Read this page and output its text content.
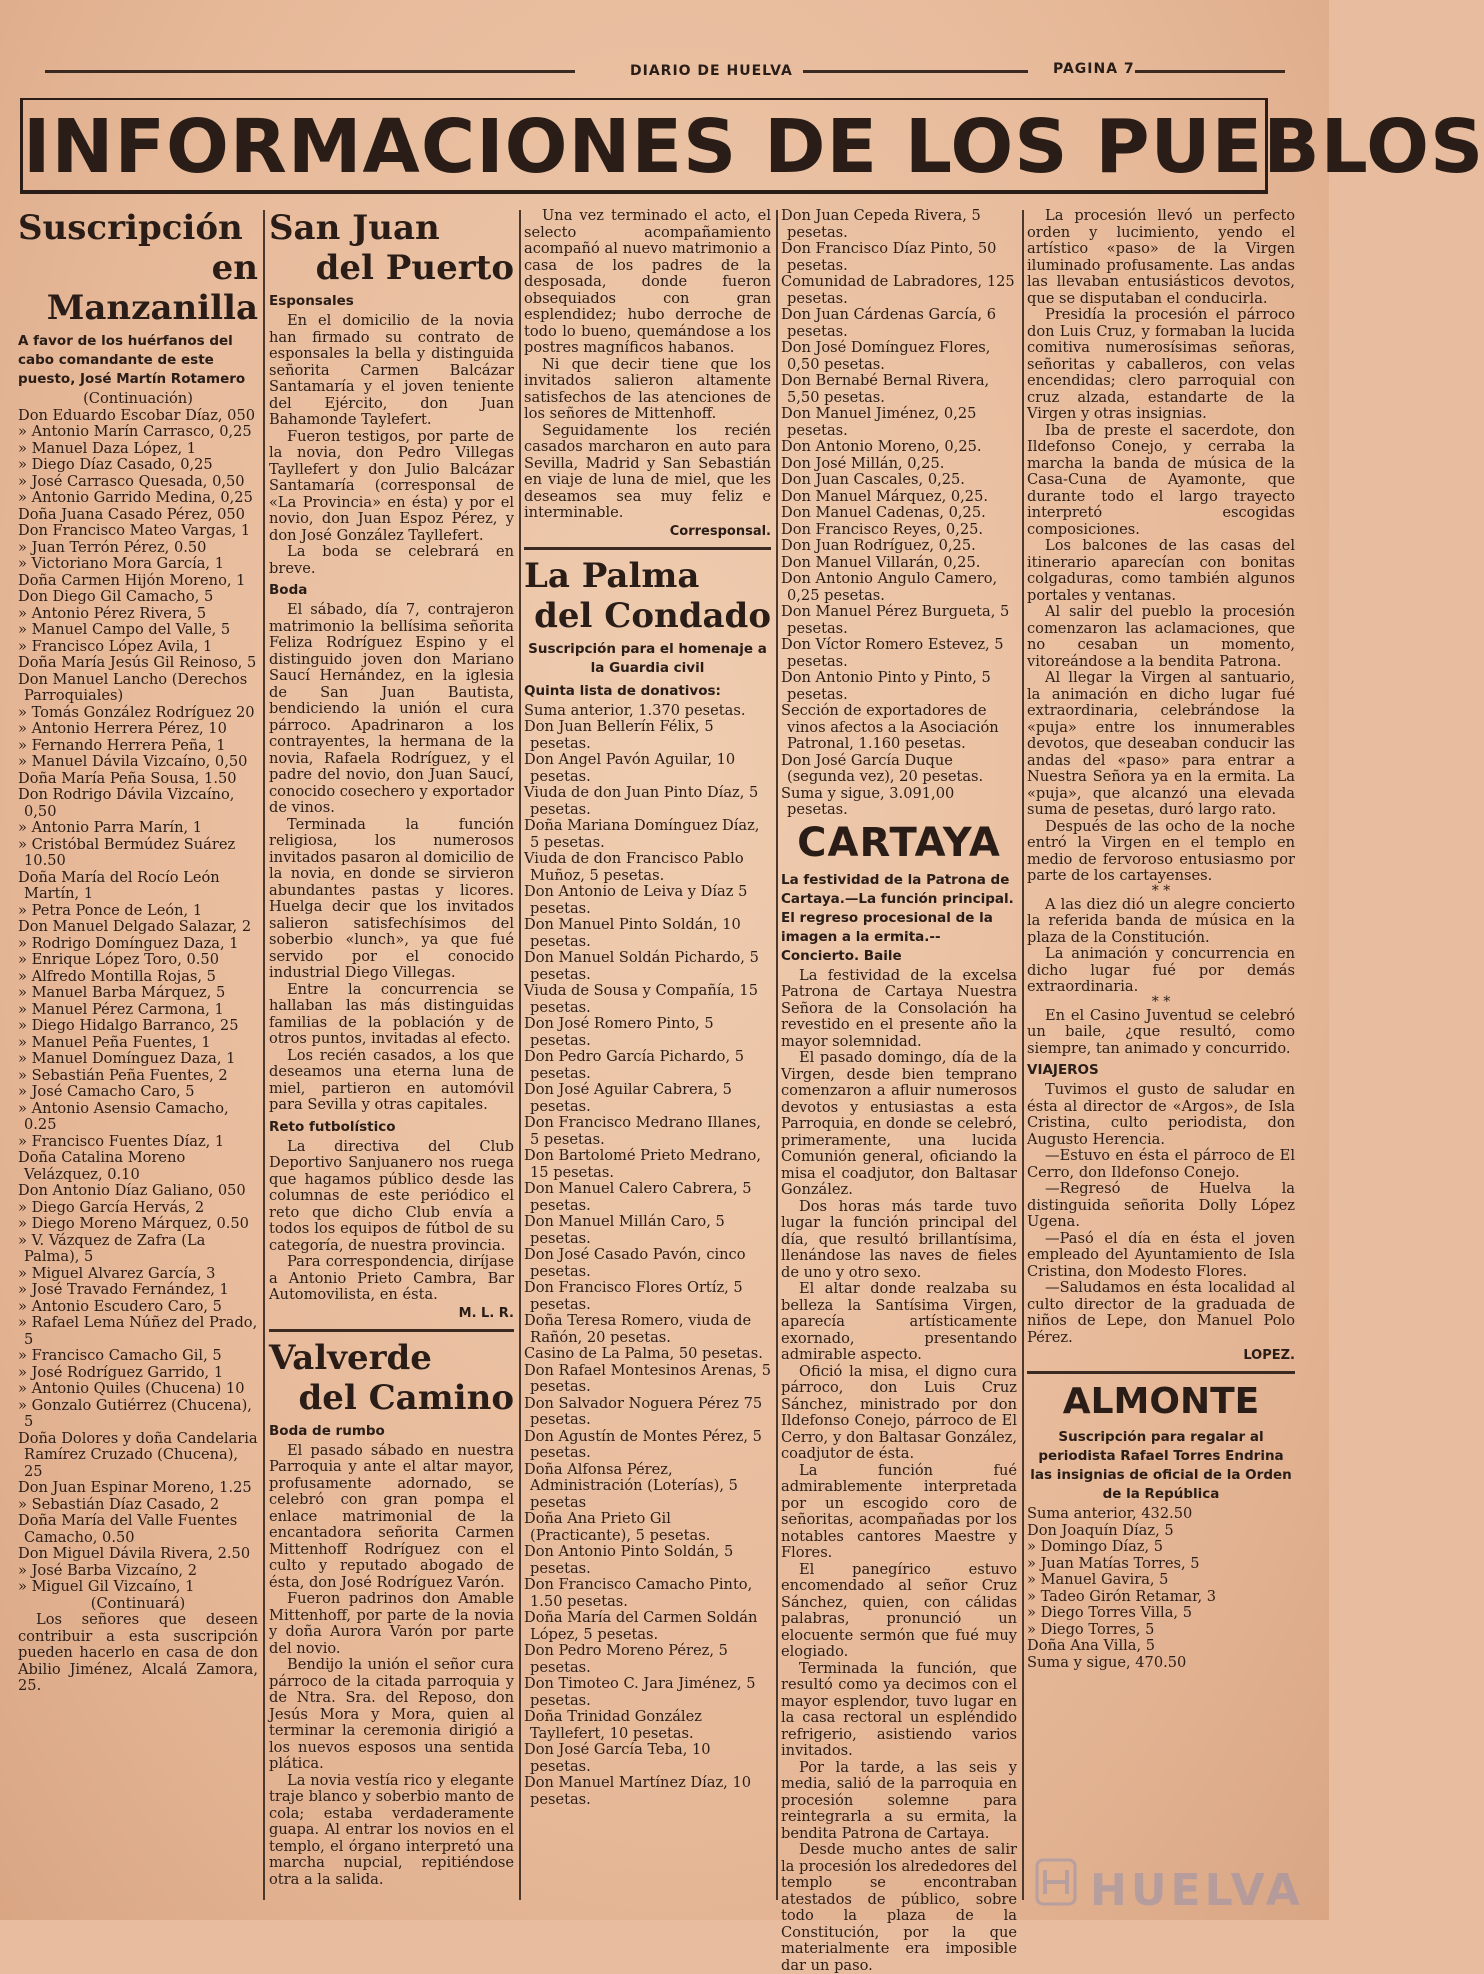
DIARIO DE HUELVA	PAGINA 7
INFORMACIONES DE LOS PUEBLOS
Suscripción
en Manzanilla
A favor de los huérfanos del cabo comandante de este puesto, José Martín Rotamero

(Continuación)

Don Eduardo Escobar Díaz, 050
» Antonio Marín Carrasco, 0,25
» Manuel Daza López, 1
» Diego Díaz Casado, 0,25
» José Carrasco Quesada, 0,50
» Antonio Garrido Medina, 0,25
Doña Juana Casado Pérez, 050
Don Francisco Mateo Vargas, 1
» Juan Terrón Pérez, 0.50
» Victoriano Mora García, 1
Doña Carmen Hijón Moreno, 1
Don Diego Gil Camacho, 5
» Antonio Pérez Rivera, 5
» Manuel Campo del Valle, 5
» Francisco López Avila, 1
Doña María Jesús Gil Reinoso, 5
Don Manuel Lancho (Derechos Parroquiales)
» Tomás González Rodríguez 20
» Antonio Herrera Pérez, 10
» Fernando Herrera Peña, 1
» Manuel Dávila Vizcaíno, 0,50
Doña María Peña Sousa, 1.50
Don Rodrigo Dávila Vizcaíno, 0,50
» Antonio Parra Marín, 1
» Cristóbal Bermúdez Suárez 10.50
Doña María del Rocío León Martín, 1
» Petra Ponce de León, 1
Don Manuel Delgado Salazar, 2
» Rodrigo Domínguez Daza, 1
» Enrique López Toro, 0.50
» Alfredo Montilla Rojas, 5
» Manuel Barba Márquez, 5
» Manuel Pérez Carmona, 1
» Diego Hidalgo Barranco, 25
» Manuel Peña Fuentes, 1
» Manuel Domínguez Daza, 1
» Sebastián Peña Fuentes, 2
» José Camacho Caro, 5
» Antonio Asensio Camacho, 0.25
» Francisco Fuentes Díaz, 1
Doña Catalina Moreno Velázquez, 0.10
Don Antonio Díaz Galiano, 050
» Diego García Hervás, 2
» Diego Moreno Márquez, 0.50
» V. Vázquez de Zafra (La Palma), 5
» Miguel Alvarez García, 3
» José Travado Fernández, 1
» Antonio Escudero Caro, 5
» Rafael Lema Núñez del Prado, 5
» Francisco Camacho Gil, 5
» José Rodríguez Garrido, 1
» Antonio Quiles (Chucena) 10
» Gonzalo Gutiérrez (Chucena), 5
Doña Dolores y doña Candelaria Ramírez Cruzado (Chucena), 25
Don Juan Espinar Moreno, 1.25
» Sebastián Díaz Casado, 2
Doña María del Valle Fuentes Camacho, 0.50
Don Miguel Dávila Rivera, 2.50
» José Barba Vizcaíno, 2
» Miguel Gil Vizcaíno, 1

(Continuará)

Los señores que deseen contribuir a esta suscripción pueden hacerlo en casa de don Abilio Jiménez, Alcalá Zamora, 25.

San Juan
del Puerto
Esponsales

En el domicilio de la novia han firmado su contrato de esponsales la bella y distinguida señorita Carmen Balcázar Santamaría y el joven teniente del Ejército, don Juan Bahamonde Taylefert.

Fueron testigos, por parte de la novia, don Pedro Villegas Tayllefert y don Julio Balcázar Santamaría (corresponsal de «La Provincia» en ésta) y por el novio, don Juan Espoz Pérez, y don José González Tayllefert.

La boda se celebrará en breve.

Boda

El sábado, día 7, contrajeron matrimonio la bellísima señorita Feliza Rodríguez Espino y el distinguido joven don Mariano Saucí Hernández, en la iglesia de San Juan Bautista, bendiciendo la unión el cura párroco. Apadrinaron a los contrayentes, la hermana de la novia, Rafaela Rodríguez, y el padre del novio, don Juan Saucí, conocido cosechero y exportador de vinos.

Terminada la función religiosa, los numerosos invitados pasaron al domicilio de la novia, en donde se sirvieron abundantes pastas y licores. Huelga decir que los invitados salieron satisfechísimos del soberbio «lunch», ya que fué servido por el conocido industrial Diego Villegas.

Entre la concurrencia se hallaban las más distinguidas familias de la población y de otros puntos, invitadas al efecto.

Los recién casados, a los que deseamos una eterna luna de miel, partieron en automóvil para Sevilla y otras capitales.

Reto futbolístico

La directiva del Club Deportivo Sanjuanero nos ruega que hagamos público desde las columnas de este periódico el reto que dicho Club envía a todos los equipos de fútbol de su categoría, de nuestra provincia.

Para correspondencia, diríjase a Antonio Prieto Cambra, Bar Automovilista, en ésta.

M. L. R.
Valverde
del Camino
Boda de rumbo

El pasado sábado en nuestra Parroquia y ante el altar mayor, profusamente adornado, se celebró con gran pompa el enlace matrimonial de la encantadora señorita Carmen Mittenhoff Rodríguez con el culto y reputado abogado de ésta, don José Rodríguez Varón.

Fueron padrinos don Amable Mittenhoff, por parte de la novia y doña Aurora Varón por parte del novio.

Bendijo la unión el señor cura párroco de la citada parroquia y de Ntra. Sra. del Reposo, don Jesús Mora y Mora, quien al terminar la ceremonia dirigió a los nuevos esposos una sentida plática.

La novia vestía rico y elegante traje blanco y soberbio manto de cola; estaba verdaderamente guapa. Al entrar los novios en el templo, el órgano interpretó una marcha nupcial, repitiéndose otra a la salida.

Una vez terminado el acto, el selecto acompañamiento acompañó al nuevo matrimonio a casa de los padres de la desposada, donde fueron obsequiados con gran esplendidez; hubo derroche de todo lo bueno, quemándose a los postres magníficos habanos.

Ni que decir tiene que los invitados salieron altamente satisfechos de las atenciones de los señores de Mittenhoff.

Seguidamente los recién casados marcharon en auto para Sevilla, Madrid y San Sebastián en viaje de luna de miel, que les deseamos sea muy feliz e interminable.

Corresponsal.
La Palma
del Condado
Suscripción para el homenaje a la Guardia civil
Quinta lista de donativos:
Suma anterior, 1.370 pesetas.
Don Juan Bellerín Félix, 5 pesetas.
Don Angel Pavón Aguilar, 10 pesetas.
Viuda de don Juan Pinto Díaz, 5 pesetas.
Doña Mariana Domínguez Díaz, 5 pesetas.
Viuda de don Francisco Pablo Muñoz, 5 pesetas.
Don Antonio de Leiva y Díaz 5 pesetas.
Don Manuel Pinto Soldán, 10 pesetas.
Don Manuel Soldán Pichardo, 5 pesetas.
Viuda de Sousa y Compañía, 15 pesetas.
Don José Romero Pinto, 5 pesetas.
Don Pedro García Pichardo, 5 pesetas.
Don José Aguilar Cabrera, 5 pesetas.
Don Francisco Medrano Illanes, 5 pesetas.
Don Bartolomé Prieto Medrano, 15 pesetas.
Don Manuel Calero Cabrera, 5 pesetas.
Don Manuel Millán Caro, 5 pesetas.
Don José Casado Pavón, cinco pesetas.
Don Francisco Flores Ortíz, 5 pesetas.
Doña Teresa Romero, viuda de Rañón, 20 pesetas.
Casino de La Palma, 50 pesetas.
Don Rafael Montesinos Arenas, 5 pesetas.
Don Salvador Noguera Pérez 75 pesetas.
Don Agustín de Montes Pérez, 5 pesetas.
Doña Alfonsa Pérez, Administración (Loterías), 5 pesetas
Doña Ana Prieto Gil (Practicante), 5 pesetas.
Don Antonio Pinto Soldán, 5 pesetas.
Don Francisco Camacho Pinto, 1.50 pesetas.
Doña María del Carmen Soldán López, 5 pesetas.
Don Pedro Moreno Pérez, 5 pesetas.
Don Timoteo C. Jara Jiménez, 5 pesetas.
Doña Trinidad González Tayllefert, 10 pesetas.
Don José García Teba, 10 pesetas.
Don Manuel Martínez Díaz, 10 pesetas.
Don Juan Cepeda Rivera, 5 pesetas.
Don Francisco Díaz Pinto, 50 pesetas.
Comunidad de Labradores, 125 pesetas.
Don Juan Cárdenas García, 6 pesetas.
Don José Domínguez Flores, 0,50 pesetas.
Don Bernabé Bernal Rivera, 5,50 pesetas.
Don Manuel Jiménez, 0,25 pesetas.
Don Antonio Moreno, 0,25.
Don José Millán, 0,25.
Don Juan Cascales, 0,25.
Don Manuel Márquez, 0,25.
Don Manuel Cadenas, 0,25.
Don Francisco Reyes, 0,25.
Don Juan Rodríguez, 0,25.
Don Manuel Villarán, 0,25.
Don Antonio Angulo Camero, 0,25 pesetas.
Don Manuel Pérez Burgueta, 5 pesetas.
Don Víctor Romero Estevez, 5 pesetas.
Don Antonio Pinto y Pinto, 5 pesetas.
Sección de exportadores de vinos afectos a la Asociación Patronal, 1.160 pesetas.
Don José García Duque (segunda vez), 20 pesetas.
Suma y sigue, 3.091,00 pesetas.
CARTAYA
La festividad de la Patrona de Cartaya.—La función principal. El regreso procesional de la imagen a la ermita.--Concierto. Baile

La festividad de la excelsa Patrona de Cartaya Nuestra Señora de la Consolación ha revestido en el presente año la mayor solemnidad.

El pasado domingo, día de la Virgen, desde bien temprano comenzaron a afluir numerosos devotos y entusiastas a esta Parroquia, en donde se celebró, primeramente, una lucida Comunión general, oficiando la misa el coadjutor, don Baltasar González.

Dos horas más tarde tuvo lugar la función principal del día, que resultó brillantísima, llenándose las naves de fieles de uno y otro sexo.

El altar donde realzaba su belleza la Santísima Virgen, aparecía artísticamente exornado, presentando admirable aspecto.

Ofició la misa, el digno cura párroco, don Luis Cruz Sánchez, ministrado por don Ildefonso Conejo, párroco de El Cerro, y don Baltasar González, coadjutor de ésta.

La función fué admirablemente interpretada por un escogido coro de señoritas, acompañadas por los notables cantores Maestre y Flores.

El panegírico estuvo encomendado al señor Cruz Sánchez, quien, con cálidas palabras, pronunció un elocuente sermón que fué muy elogiado.

Terminada la función, que resultó como ya decimos con el mayor esplendor, tuvo lugar en la casa rectoral un espléndido refrigerio, asistiendo varios invitados.

Por la tarde, a las seis y media, salió de la parroquia en procesión solemne para reintegrarla a su ermita, la bendita Patrona de Cartaya.

Desde mucho antes de salir la procesión los alrededores del templo se encontraban atestados de público, sobre todo la plaza de la Constitución, por la que materialmente era imposible dar un paso.

La procesión llevó un perfecto orden y lucimiento, yendo el artístico «paso» de la Virgen iluminado profusamente. Las andas las llevaban entusiásticos devotos, que se disputaban el conducirla.

Presidía la procesión el párroco don Luis Cruz, y formaban la lucida comitiva numerosísimas señoras, señoritas y caballeros, con velas encendidas; clero parroquial con cruz alzada, estandarte de la Virgen y otras insignias.

Iba de preste el sacerdote, don Ildefonso Conejo, y cerraba la marcha la banda de música de la Casa-Cuna de Ayamonte, que durante todo el largo trayecto interpretó escogidas composiciones.

Los balcones de las casas del itinerario aparecían con bonitas colgaduras, como también algunos portales y ventanas.

Al salir del pueblo la procesión comenzaron las aclamaciones, que no cesaban un momento, vitoreándose a la bendita Patrona.

Al llegar la Virgen al santuario, la animación en dicho lugar fué extraordinaria, celebrándose la «puja» entre los innumerables devotos, que deseaban conducir las andas del «paso» para entrar a Nuestra Señora ya en la ermita. La «puja», que alcanzó una elevada suma de pesetas, duró largo rato.

Después de las ocho de la noche entró la Virgen en el templo en medio de fervoroso entusiasmo por parte de los cartayenses.

* *

A las diez dió un alegre concierto la referida banda de música en la plaza de la Constitución.

La animación y concurrencia en dicho lugar fué por demás extraordinaria.

* *

En el Casino Juventud se celebró un baile, ¿que resultó, como siempre, tan animado y concurrido.

VIAJEROS

Tuvimos el gusto de saludar en ésta al director de «Argos», de Isla Cristina, culto periodista, don Augusto Herencia.

—Estuvo en ésta el párroco de El Cerro, don Ildefonso Conejo.

—Regresó de Huelva la distinguida señorita Dolly López Ugena.

—Pasó el día en ésta el joven empleado del Ayuntamiento de Isla Cristina, don Modesto Flores.

—Saludamos en ésta localidad al culto director de la graduada de niños de Lepe, don Manuel Polo Pérez.

LOPEZ.
ALMONTE
Suscripción para regalar al periodista Rafael Torres Endrina las insignias de oficial de la Orden de la República
Suma anterior, 432.50
Don Joaquín Díaz, 5
» Domingo Díaz, 5
» Juan Matías Torres, 5
» Manuel Gavira, 5
» Tadeo Girón Retamar, 3
» Diego Torres Villa, 5
» Diego Torres, 5
Doña Ana Villa, 5
Suma y sigue, 470.50
HUELVA
